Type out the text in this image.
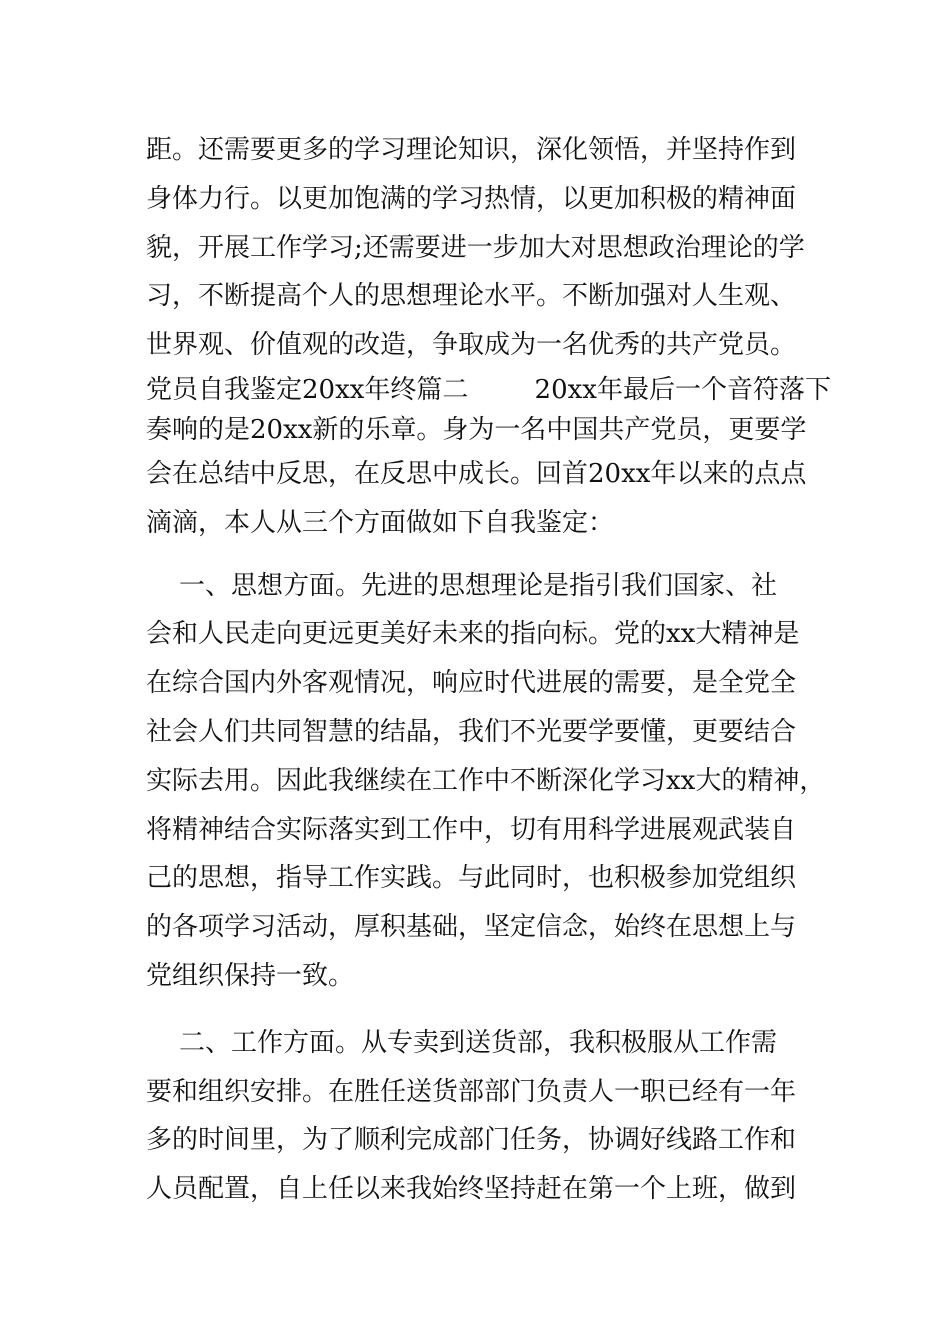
距。还需要更多的学习理论知识，深化领悟，并坚持作到
身体力行。以更加饱满的学习热情，以更加积极的精神面
貌，开展工作学习;还需要进一步加大对思想政治理论的学
习，不断提高个人的思想理论水平。不断加强对人生观、
世界观、价值观的改造，争取成为一名优秀的共产党员。
党员自我鉴定20xx年终篇二        20xx年最后一个音符落下
奏响的是20xx新的乐章。身为一名中国共产党员，更要学
会在总结中反思，在反思中成长。回首20xx年以来的点点
滴滴，本人从三个方面做如下自我鉴定：
一、思想方面。先进的思想理论是指引我们国家、社
会和人民走向更远更美好未来的指向标。党的xx大精神是
在综合国内外客观情况，响应时代进展的需要，是全党全
社会人们共同智慧的结晶，我们不光要学要懂，更要结合
实际去用。因此我继续在工作中不断深化学习xx大的精神，
将精神结合实际落实到工作中，切有用科学进展观武装自
己的思想，指导工作实践。与此同时，也积极参加党组织
的各项学习活动，厚积基础，坚定信念，始终在思想上与
党组织保持一致。
二、工作方面。从专卖到送货部，我积极服从工作需
要和组织安排。在胜任送货部部门负责人一职已经有一年
多的时间里，为了顺利完成部门任务，协调好线路工作和
人员配置，自上任以来我始终坚持赶在第一个上班，做到
